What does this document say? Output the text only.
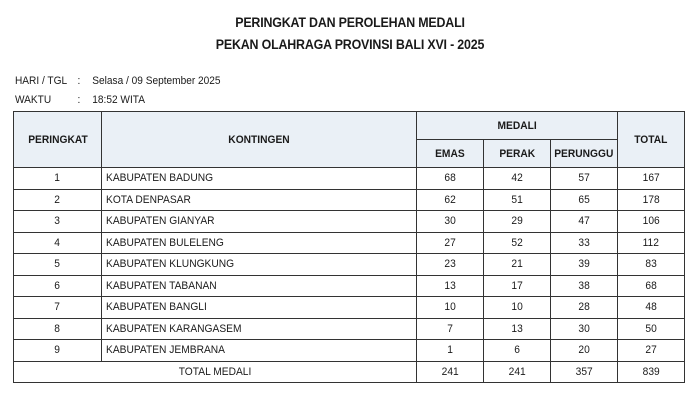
PERINGKAT DAN PEROLEHAN MEDALI
PEKAN OLAHRAGA PROVINSI BALI XVI - 2025
HARI / TGL :	Selasa / 09 September 2025
WAKTU	:	18:52 WITA
PERINGKAT	KONTINGEN	MEDALI			TOTAL
		EMAS	PERAK	PERUNGGU	
1	KABUPATEN BADUNG	68	42	57	167
2	KOTA DENPASAR	62	51	65	178
3	KABUPATEN GIANYAR	30	29	47	106
4	KABUPATEN BULELENG	27	52	33	112
5	KABUPATEN KLUNGKUNG	23	21	39	83
6	KABUPATEN TABANAN	13	17	38	68
7	KABUPATEN BANGLI	10	10	28	48
8	KABUPATEN KARANGASEM	7	13	30	50
9	KABUPATEN JEMBRANA	1	6	20	27
TOTAL MEDALI		241	241	357	839
